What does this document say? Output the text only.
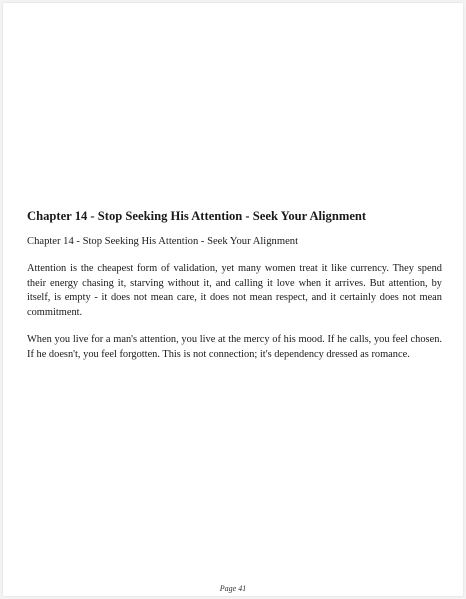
Chapter 14 - Stop Seeking His Attention - Seek Your Alignment
Chapter 14 - Stop Seeking His Attention - Seek Your Alignment

Attention is the cheapest form of validation, yet many women treat it like currency. They spend their energy chasing it, starving without it, and calling it love when it arrives. But attention, by itself, is empty - it does not mean care, it does not mean respect, and it certainly does not mean commitment.

When you live for a man's attention, you live at the mercy of his mood. If he calls, you feel chosen. If he doesn't, you feel forgotten. This is not connection; it's dependency dressed as romance.

Page 41
